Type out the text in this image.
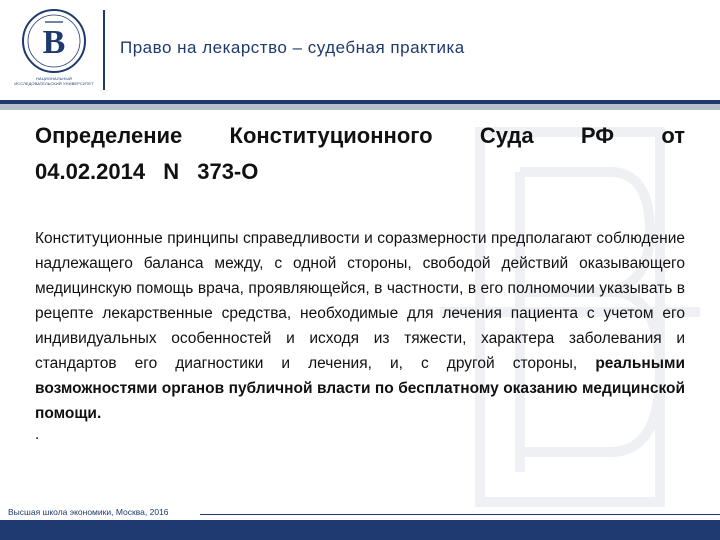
В
НАЦИОНАЛЬНЫЙ ИССЛЕДОВАТЕЛЬСКИЙ УНИВЕРСИТЕТ
Право на лекарство – судебная практика
Определение Конституционного Суда РФ от 04.02.2014 N 373-О
Конституционные принципы справедливости и соразмерности предполагают соблюдение надлежащего баланса между, с одной стороны, свободой действий оказывающего медицинскую помощь врача, проявляющейся, в частности, в его полномочии указывать в рецепте лекарственные средства, необходимые для лечения пациента с учетом его индивидуальных особенностей и исходя из тяжести, характера заболевания и стандартов его диагностики и лечения, и, с другой стороны, реальными возможностями органов публичной власти по бесплатному оказанию медицинской помощи.
.
Высшая школа экономики, Москва, 2016
